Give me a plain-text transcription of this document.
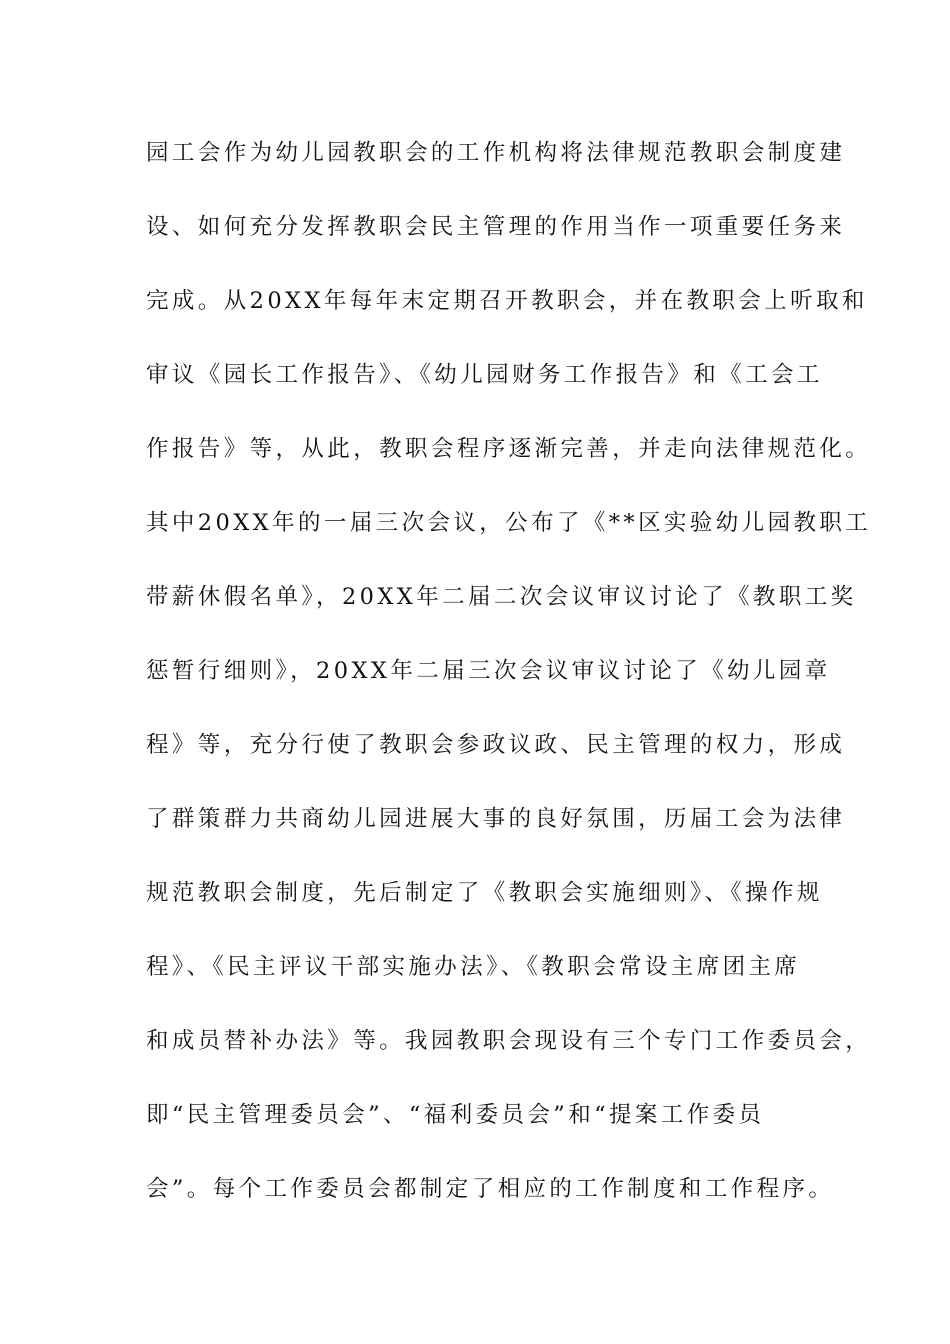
园工会作为幼儿园教职会的工作机构将法律规范教职会制度建
设、如何充分发挥教职会民主管理的作用当作一项重要任务来
完成。从20XX年每年末定期召开教职会，并在教职会上听取和
审议《园长工作报告》、《幼儿园财务工作报告》和《工会工
作报告》等，从此，教职会程序逐渐完善，并走向法律规范化。
其中20XX年的一届三次会议，公布了《**区实验幼儿园教职工
带薪休假名单》，20XX年二届二次会议审议讨论了《教职工奖
惩暂行细则》，20XX年二届三次会议审议讨论了《幼儿园章
程》等，充分行使了教职会参政议政、民主管理的权力，形成
了群策群力共商幼儿园进展大事的良好氛围，历届工会为法律
规范教职会制度，先后制定了《教职会实施细则》、《操作规
程》、《民主评议干部实施办法》、《教职会常设主席团主席
和成员替补办法》等。我园教职会现设有三个专门工作委员会，
即“民主管理委员会”、“福利委员会”和“提案工作委员
会”。每个工作委员会都制定了相应的工作制度和工作程序。
